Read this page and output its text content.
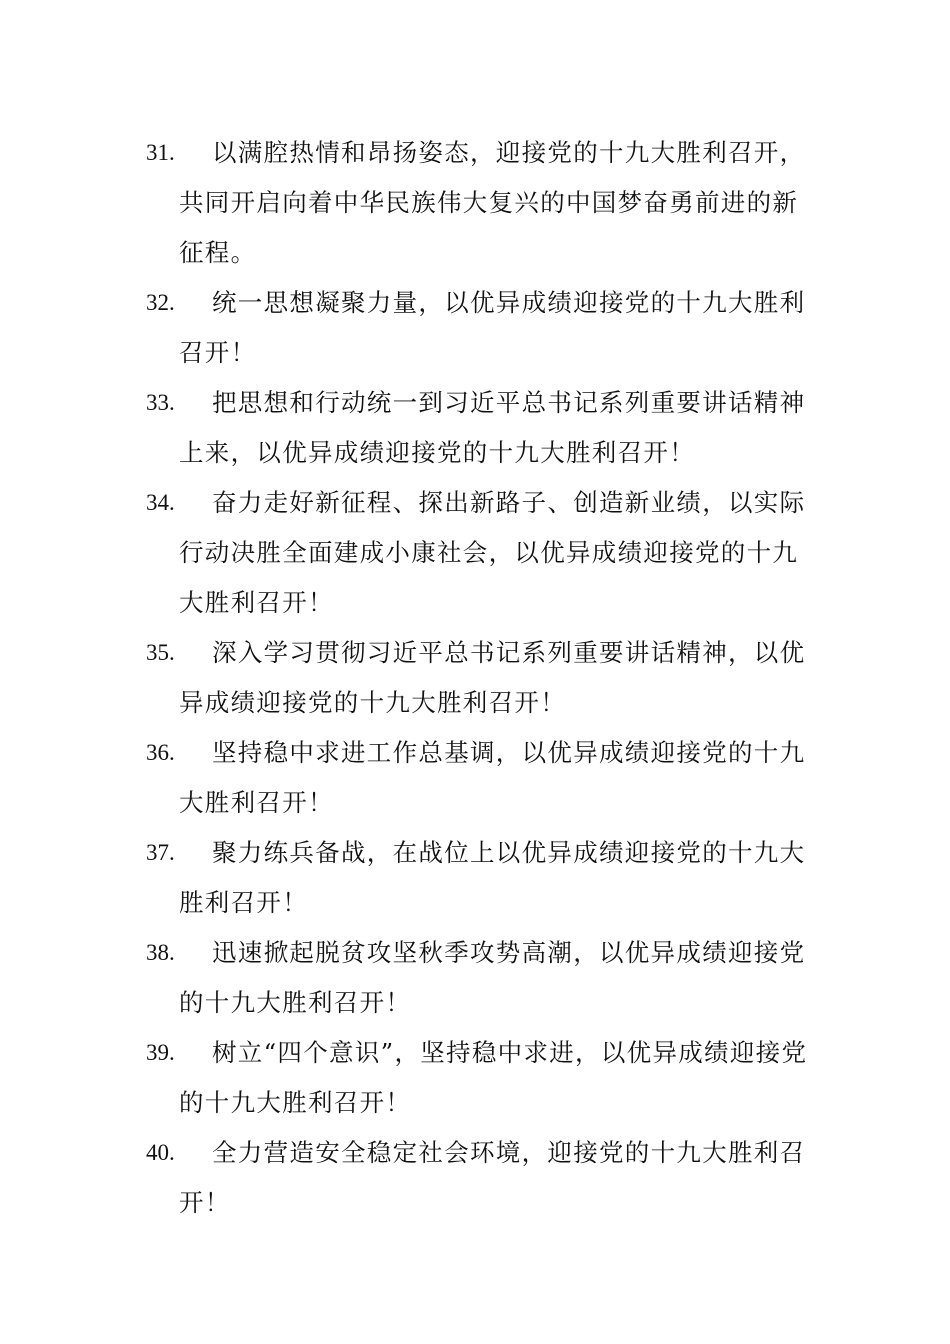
31.	以满腔热情和昂扬姿态，迎接党的十九大胜利召开，共同开启向着中华民族伟大复兴的中国梦奋勇前进的新征程。
32.	统一思想凝聚力量，以优异成绩迎接党的十九大胜利召开！
33.	把思想和行动统一到习近平总书记系列重要讲话精神上来，以优异成绩迎接党的十九大胜利召开！
34.	奋力走好新征程、探出新路子、创造新业绩，以实际行动决胜全面建成小康社会，以优异成绩迎接党的十九大胜利召开！
35.	深入学习贯彻习近平总书记系列重要讲话精神，以优异成绩迎接党的十九大胜利召开！
36.	坚持稳中求进工作总基调，以优异成绩迎接党的十九大胜利召开！
37.	聚力练兵备战，在战位上以优异成绩迎接党的十九大胜利召开！
38.	迅速掀起脱贫攻坚秋季攻势高潮，以优异成绩迎接党的十九大胜利召开！
39.	树立“四个意识”，坚持稳中求进，以优异成绩迎接党的十九大胜利召开！
40.	全力营造安全稳定社会环境，迎接党的十九大胜利召开！
